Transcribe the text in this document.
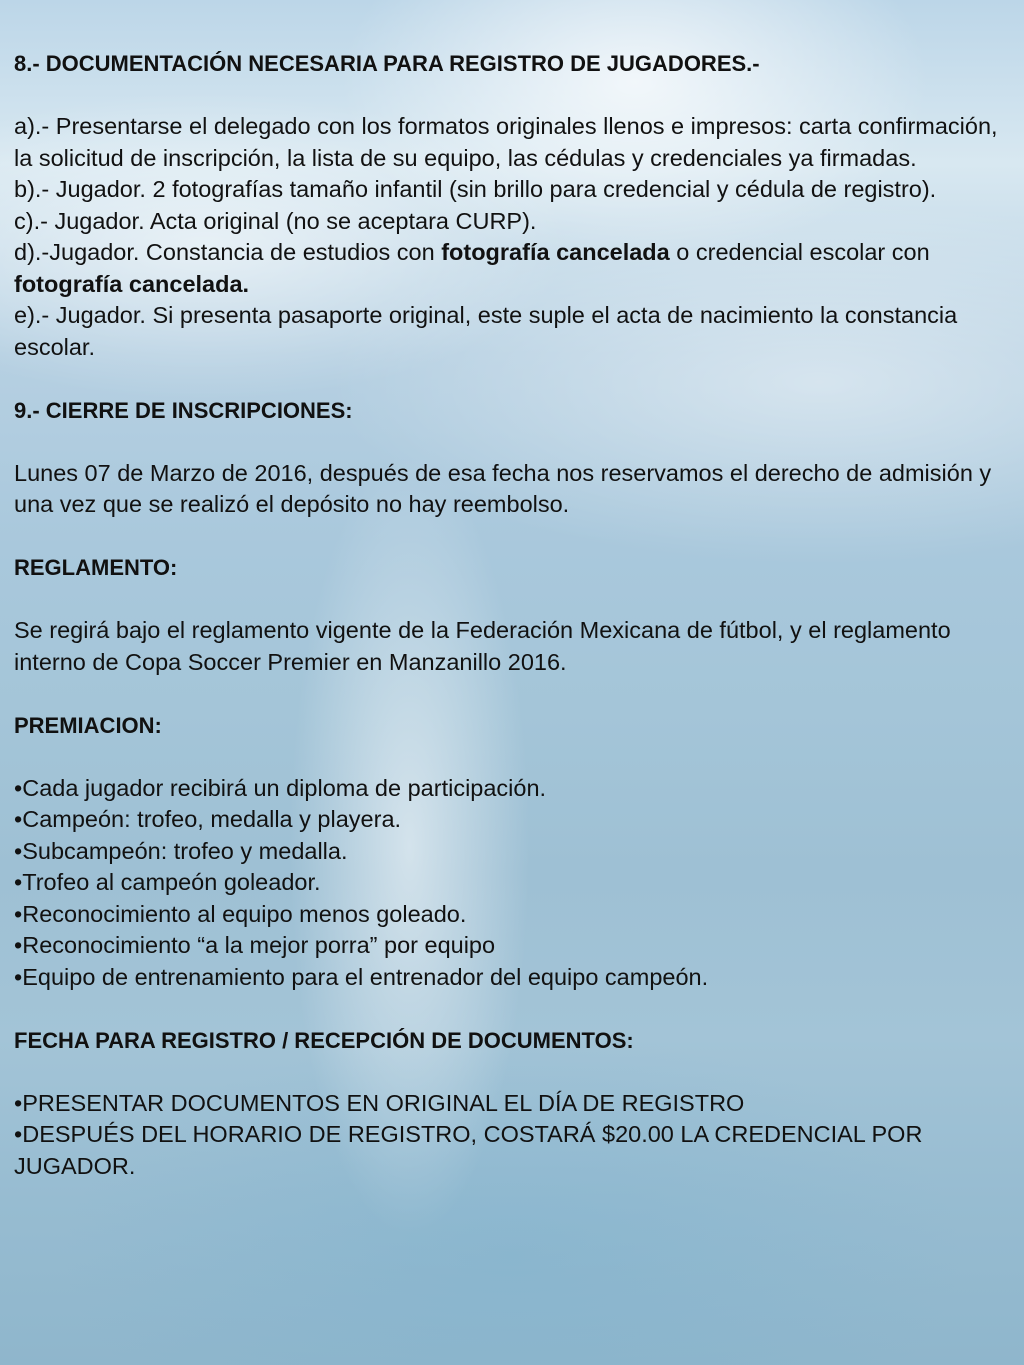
8.- DOCUMENTACIÓN NECESARIA PARA REGISTRO DE JUGADORES.-

a).- Presentarse el delegado con los formatos originales llenos e impresos: carta confirmación, la solicitud de inscripción, la lista de su equipo, las cédulas y credenciales ya firmadas.

b).- Jugador. 2 fotografías tamaño infantil (sin brillo para credencial y cédula de registro).

c).- Jugador. Acta original (no se aceptara CURP).

d).-Jugador. Constancia de estudios con fotografía cancelada o credencial escolar con fotografía cancelada.

e).- Jugador. Si presenta pasaporte original, este suple el acta de nacimiento la constancia escolar.

9.- CIERRE DE INSCRIPCIONES:

Lunes 07 de Marzo de 2016, después de esa fecha nos reservamos el derecho de admisión y una vez que se realizó el depósito no hay reembolso.

REGLAMENTO:

Se regirá bajo el reglamento vigente de la Federación Mexicana de fútbol, y el reglamento interno de Copa Soccer Premier en Manzanillo 2016.

PREMIACION:

•Cada jugador recibirá un diploma de participación.

•Campeón: trofeo, medalla y playera.

•Subcampeón: trofeo y medalla.

•Trofeo al campeón goleador.

•Reconocimiento al equipo menos goleado.

•Reconocimiento “a la mejor porra” por equipo

•Equipo de entrenamiento para el entrenador del equipo campeón.

FECHA PARA REGISTRO / RECEPCIÓN DE DOCUMENTOS:

•PRESENTAR DOCUMENTOS EN ORIGINAL EL DÍA DE REGISTRO

•DESPUÉS DEL HORARIO DE REGISTRO, COSTARÁ $20.00 LA CREDENCIAL POR JUGADOR.
